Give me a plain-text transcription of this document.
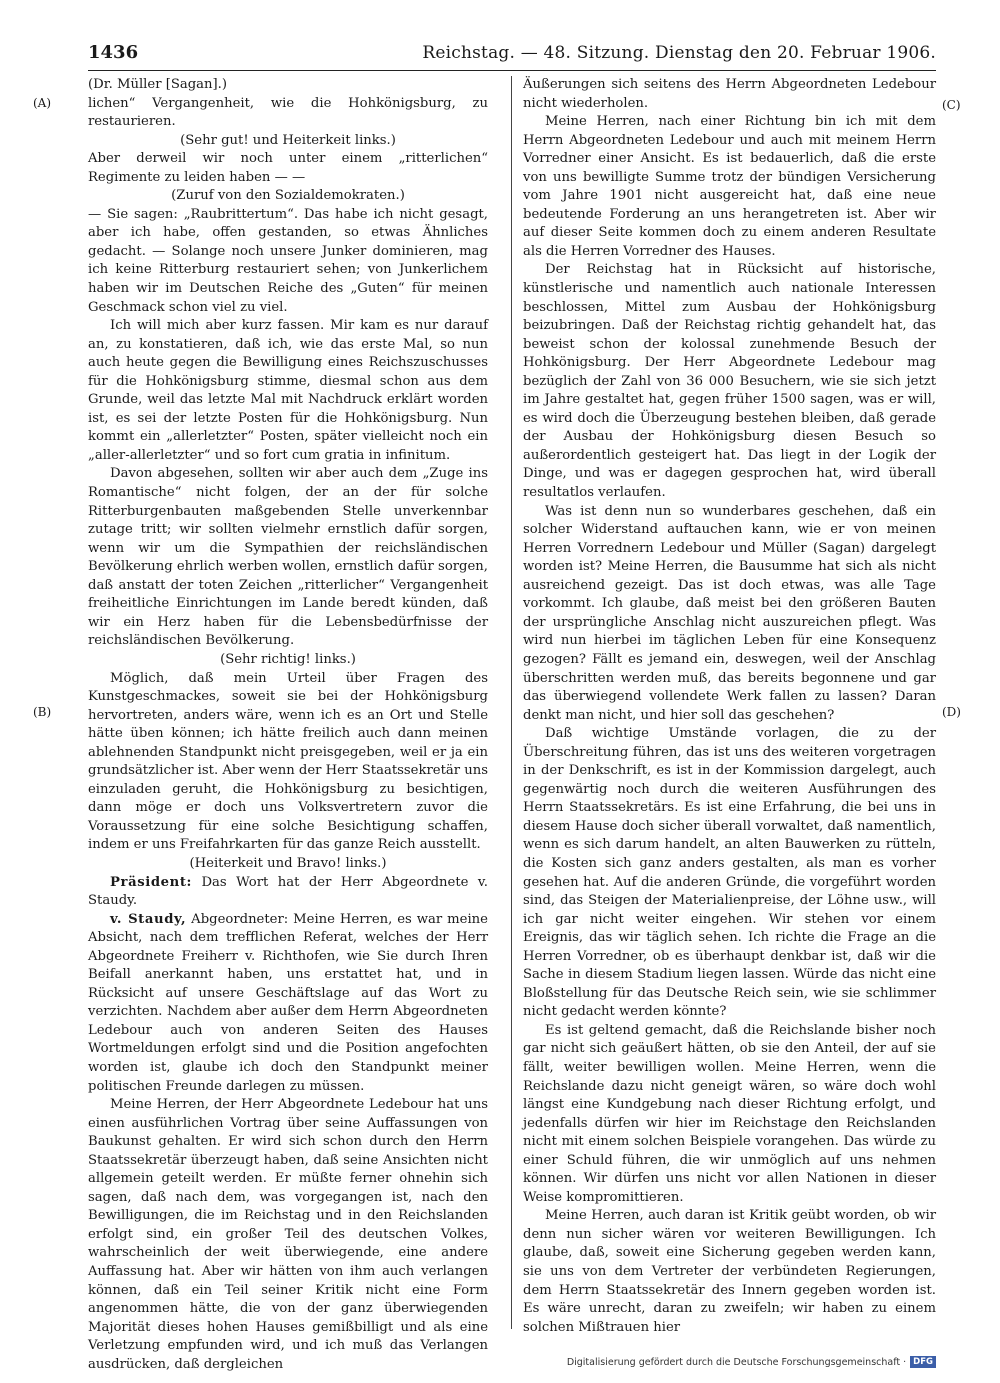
1436	Reichstag. — 48. Sitzung. Dienstag den 20. Februar 1906.
(A)
(B)
(C)
(D)

(Dr. Müller [Sagan].)

lichen“ Vergangenheit, wie die Hohkönigsburg, zu restaurieren.

(Sehr gut! und Heiterkeit links.)

Aber derweil wir noch unter einem „ritterlichen“ Regimente zu leiden haben — —

(Zuruf von den Sozialdemokraten.)

— Sie sagen: „Raubrittertum“. Das habe ich nicht gesagt, aber ich habe, offen gestanden, so etwas Ähnliches gedacht. — Solange noch unsere Junker dominieren, mag ich keine Ritterburg restauriert sehen; von Junkerlichem haben wir im Deutschen Reiche des „Guten“ für meinen Geschmack schon viel zu viel.

Ich will mich aber kurz fassen. Mir kam es nur darauf an, zu konstatieren, daß ich, wie das erste Mal, so nun auch heute gegen die Bewilligung eines Reichszuschusses für die Hohkönigsburg stimme, diesmal schon aus dem Grunde, weil das letzte Mal mit Nachdruck erklärt worden ist, es sei der letzte Posten für die Hohkönigsburg. Nun kommt ein „allerletzter“ Posten, später vielleicht noch ein „aller-allerletzter“ und so fort cum gratia in infinitum.

Davon abgesehen, sollten wir aber auch dem „Zuge ins Romantische“ nicht folgen, der an der für solche Ritterburgenbauten maßgebenden Stelle unverkennbar zutage tritt; wir sollten vielmehr ernstlich dafür sorgen, wenn wir um die Sympathien der reichsländischen Bevölkerung ehrlich werben wollen, ernstlich dafür sorgen, daß anstatt der toten Zeichen „ritterlicher“ Vergangenheit freiheitliche Einrichtungen im Lande beredt künden, daß wir ein Herz haben für die Lebensbedürfnisse der reichsländischen Bevölkerung.

(Sehr richtig! links.)

Möglich, daß mein Urteil über Fragen des Kunstgeschmackes, soweit sie bei der Hohkönigsburg hervortreten, anders wäre, wenn ich es an Ort und Stelle hätte üben können; ich hätte freilich auch dann meinen ablehnenden Standpunkt nicht preisgegeben, weil er ja ein grundsätzlicher ist. Aber wenn der Herr Staatssekretär uns einzuladen geruht, die Hohkönigsburg zu besichtigen, dann möge er doch uns Volksvertretern zuvor die Voraussetzung für eine solche Besichtigung schaffen, indem er uns Freifahrkarten für das ganze Reich ausstellt.

(Heiterkeit und Bravo! links.)

Präsident: Das Wort hat der Herr Abgeordnete v. Staudy.

v. Staudy, Abgeordneter: Meine Herren, es war meine Absicht, nach dem trefflichen Referat, welches der Herr Abgeordnete Freiherr v. Richthofen, wie Sie durch Ihren Beifall anerkannt haben, uns erstattet hat, und in Rücksicht auf unsere Geschäftslage auf das Wort zu verzichten. Nachdem aber außer dem Herrn Abgeordneten Ledebour auch von anderen Seiten des Hauses Wortmeldungen erfolgt sind und die Position angefochten worden ist, glaube ich doch den Standpunkt meiner politischen Freunde darlegen zu müssen.

Meine Herren, der Herr Abgeordnete Ledebour hat uns einen ausführlichen Vortrag über seine Auffassungen von Baukunst gehalten. Er wird sich schon durch den Herrn Staatssekretär überzeugt haben, daß seine Ansichten nicht allgemein geteilt werden. Er müßte ferner ohnehin sich sagen, daß nach dem, was vorgegangen ist, nach den Bewilligungen, die im Reichstag und in den Reichslanden erfolgt sind, ein großer Teil des deutschen Volkes, wahrscheinlich der weit überwiegende, eine andere Auffassung hat. Aber wir hätten von ihm auch verlangen können, daß ein Teil seiner Kritik nicht eine Form angenommen hätte, die von der ganz überwiegenden Majorität dieses hohen Hauses gemißbilligt und als eine Verletzung empfunden wird, und ich muß das Verlangen ausdrücken, daß dergleichen

Äußerungen sich seitens des Herrn Abgeordneten Ledebour nicht wiederholen.

Meine Herren, nach einer Richtung bin ich mit dem Herrn Abgeordneten Ledebour und auch mit meinem Herrn Vorredner einer Ansicht. Es ist bedauerlich, daß die erste von uns bewilligte Summe trotz der bündigen Versicherung vom Jahre 1901 nicht ausgereicht hat, daß eine neue bedeutende Forderung an uns herangetreten ist. Aber wir auf dieser Seite kommen doch zu einem anderen Resultate als die Herren Vorredner des Hauses.

Der Reichstag hat in Rücksicht auf historische, künstlerische und namentlich auch nationale Interessen beschlossen, Mittel zum Ausbau der Hohkönigsburg beizubringen. Daß der Reichstag richtig gehandelt hat, das beweist schon der kolossal zunehmende Besuch der Hohkönigsburg. Der Herr Abgeordnete Ledebour mag bezüglich der Zahl von 36 000 Besuchern, wie sie sich jetzt im Jahre gestaltet hat, gegen früher 1500 sagen, was er will, es wird doch die Überzeugung bestehen bleiben, daß gerade der Ausbau der Hohkönigsburg diesen Besuch so außerordentlich gesteigert hat. Das liegt in der Logik der Dinge, und was er dagegen gesprochen hat, wird überall resultatlos verlaufen.

Was ist denn nun so wunderbares geschehen, daß ein solcher Widerstand auftauchen kann, wie er von meinen Herren Vorrednern Ledebour und Müller (Sagan) dargelegt worden ist? Meine Herren, die Bausumme hat sich als nicht ausreichend gezeigt. Das ist doch etwas, was alle Tage vorkommt. Ich glaube, daß meist bei den größeren Bauten der ursprüngliche Anschlag nicht auszureichen pflegt. Was wird nun hierbei im täglichen Leben für eine Konsequenz gezogen? Fällt es jemand ein, deswegen, weil der Anschlag überschritten werden muß, das bereits begonnene und gar das überwiegend vollendete Werk fallen zu lassen? Daran denkt man nicht, und hier soll das geschehen?

Daß wichtige Umstände vorlagen, die zu der Überschreitung führen, das ist uns des weiteren vorgetragen in der Denkschrift, es ist in der Kommission dargelegt, auch gegenwärtig noch durch die weiteren Ausführungen des Herrn Staatssekretärs. Es ist eine Erfahrung, die bei uns in diesem Hause doch sicher überall vorwaltet, daß namentlich, wenn es sich darum handelt, an alten Bauwerken zu rütteln, die Kosten sich ganz anders gestalten, als man es vorher gesehen hat. Auf die anderen Gründe, die vorgeführt worden sind, das Steigen der Materialienpreise, der Löhne usw., will ich gar nicht weiter eingehen. Wir stehen vor einem Ereignis, das wir täglich sehen. Ich richte die Frage an die Herren Vorredner, ob es überhaupt denkbar ist, daß wir die Sache in diesem Stadium liegen lassen. Würde das nicht eine Bloßstellung für das Deutsche Reich sein, wie sie schlimmer nicht gedacht werden könnte?

Es ist geltend gemacht, daß die Reichslande bisher noch gar nicht sich geäußert hätten, ob sie den Anteil, der auf sie fällt, weiter bewilligen wollen. Meine Herren, wenn die Reichslande dazu nicht geneigt wären, so wäre doch wohl längst eine Kundgebung nach dieser Richtung erfolgt, und jedenfalls dürfen wir hier im Reichstage den Reichslanden nicht mit einem solchen Beispiele vorangehen. Das würde zu einer Schuld führen, die wir unmöglich auf uns nehmen können. Wir dürfen uns nicht vor allen Nationen in dieser Weise kompromittieren.

Meine Herren, auch daran ist Kritik geübt worden, ob wir denn nun sicher wären vor weiteren Bewilligungen. Ich glaube, daß, soweit eine Sicherung gegeben werden kann, sie uns von dem Vertreter der verbündeten Regierungen, dem Herrn Staatssekretär des Innern gegeben worden ist. Es wäre unrecht, daran zu zweifeln; wir haben zu einem solchen Mißtrauen hier

Digitalisierung gefördert durch die Deutsche Forschungsgemeinschaft · DFG
